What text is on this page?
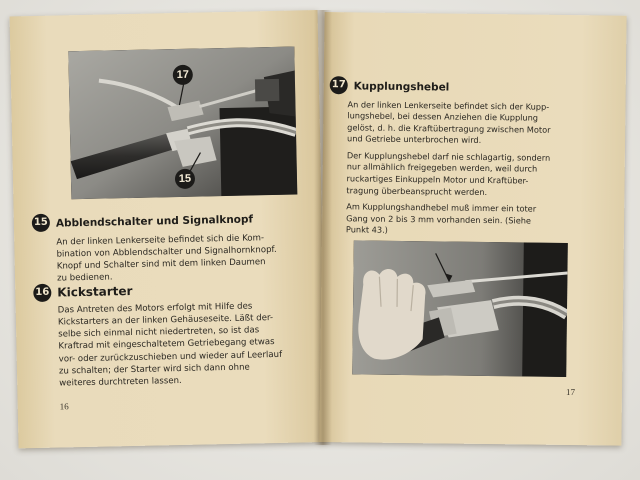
17
15
15 Abblendschalter und Signalknopf
An der linken Lenkerseite befindet sich die Kom-
bination von Abblendschalter und Signalhornknopf.
Knopf und Schalter sind mit dem linken Daumen
zu bedienen.
16 Kickstarter
Das Antreten des Motors erfolgt mit Hilfe des
Kickstarters an der linken Gehäuseseite. Läßt der-
selbe sich einmal nicht niedertreten, so ist das
Kraftrad mit eingeschaltetem Getriebegang etwas
vor- oder zurückzuschieben und wieder auf Leerlauf
zu schalten; der Starter wird sich dann ohne
weiteres durchtreten lassen.
16
17 Kupplungshebel
An der linken Lenkerseite befindet sich der Kupp-
lungshebel, bei dessen Anziehen die Kupplung
gelöst, d. h. die Kraftübertragung zwischen Motor
und Getriebe unterbrochen wird.
Der Kupplungshebel darf nie schlagartig, sondern
nur allmählich freigegeben werden, weil durch
ruckartiges Einkuppeln Motor und Kraftüber-
tragung überbeansprucht werden.
Am Kupplungshandhebel muß immer ein toter
Gang von 2 bis 3 mm vorhanden sein. (Siehe
Punkt 43.)
17
